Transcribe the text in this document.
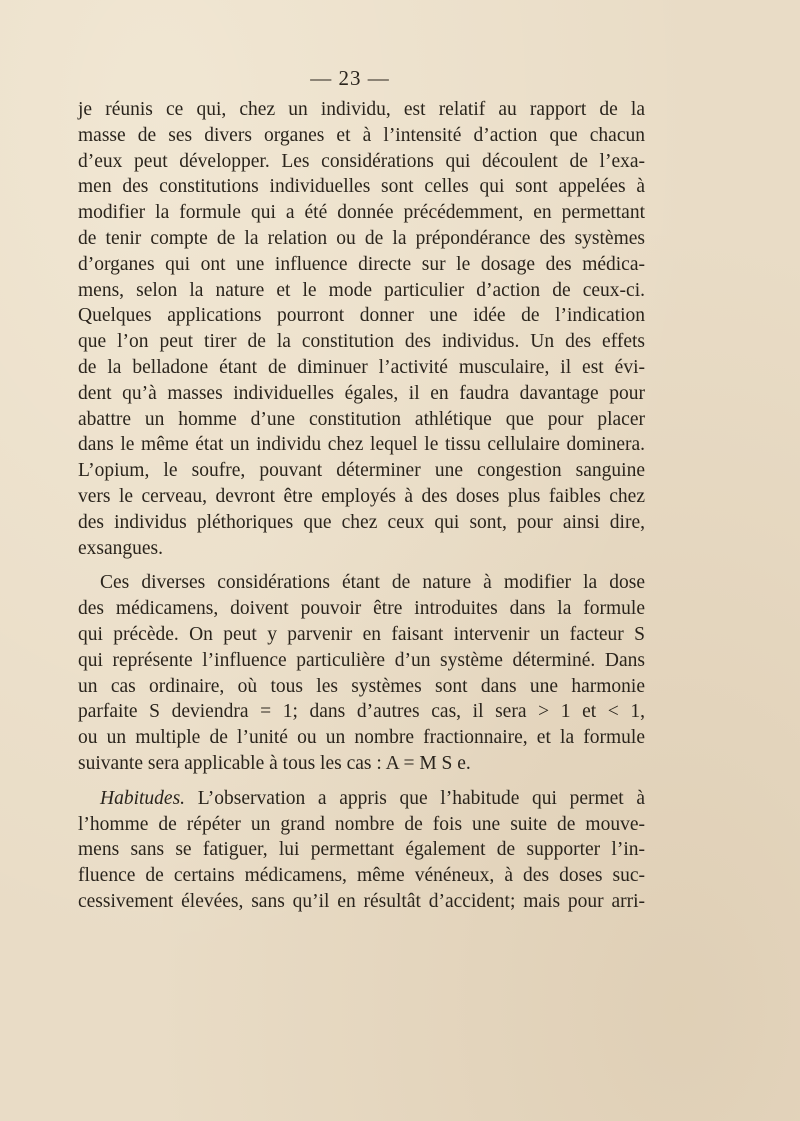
— 23 —
je réunis ce qui, chez un individu, est relatif au rapport de la
masse de ses divers organes et à l’intensité d’action que chacun
d’eux peut développer. Les considérations qui découlent de l’exa-
men des constitutions individuelles sont celles qui sont appelées à
modifier la formule qui a été donnée précédemment, en permettant
de tenir compte de la relation ou de la prépondérance des systèmes
d’organes qui ont une influence directe sur le dosage des médica-
mens, selon la nature et le mode particulier d’action de ceux-ci.
Quelques applications pourront donner une idée de l’indication
que l’on peut tirer de la constitution des individus. Un des effets
de la belladone étant de diminuer l’activité musculaire, il est évi-
dent qu’à masses individuelles égales, il en faudra davantage pour
abattre un homme d’une constitution athlétique que pour placer
dans le même état un individu chez lequel le tissu cellulaire dominera.
L’opium, le soufre, pouvant déterminer une congestion sanguine
vers le cerveau, devront être employés à des doses plus faibles chez
des individus pléthoriques que chez ceux qui sont, pour ainsi dire,
exsangues.
Ces diverses considérations étant de nature à modifier la dose
des médicamens, doivent pouvoir être introduites dans la formule
qui précède. On peut y parvenir en faisant intervenir un facteur S
qui représente l’influence particulière d’un système déterminé. Dans
un cas ordinaire, où tous les systèmes sont dans une harmonie
parfaite S deviendra = 1; dans d’autres cas, il sera > 1 et < 1,
ou un multiple de l’unité ou un nombre fractionnaire, et la formule
suivante sera applicable à tous les cas : A = M S e.
Habitudes. L’observation a appris que l’habitude qui permet à
l’homme de répéter un grand nombre de fois une suite de mouve-
mens sans se fatiguer, lui permettant également de supporter l’in-
fluence de certains médicamens, même vénéneux, à des doses suc-
cessivement élevées, sans qu’il en résultât d’accident; mais pour arri-
